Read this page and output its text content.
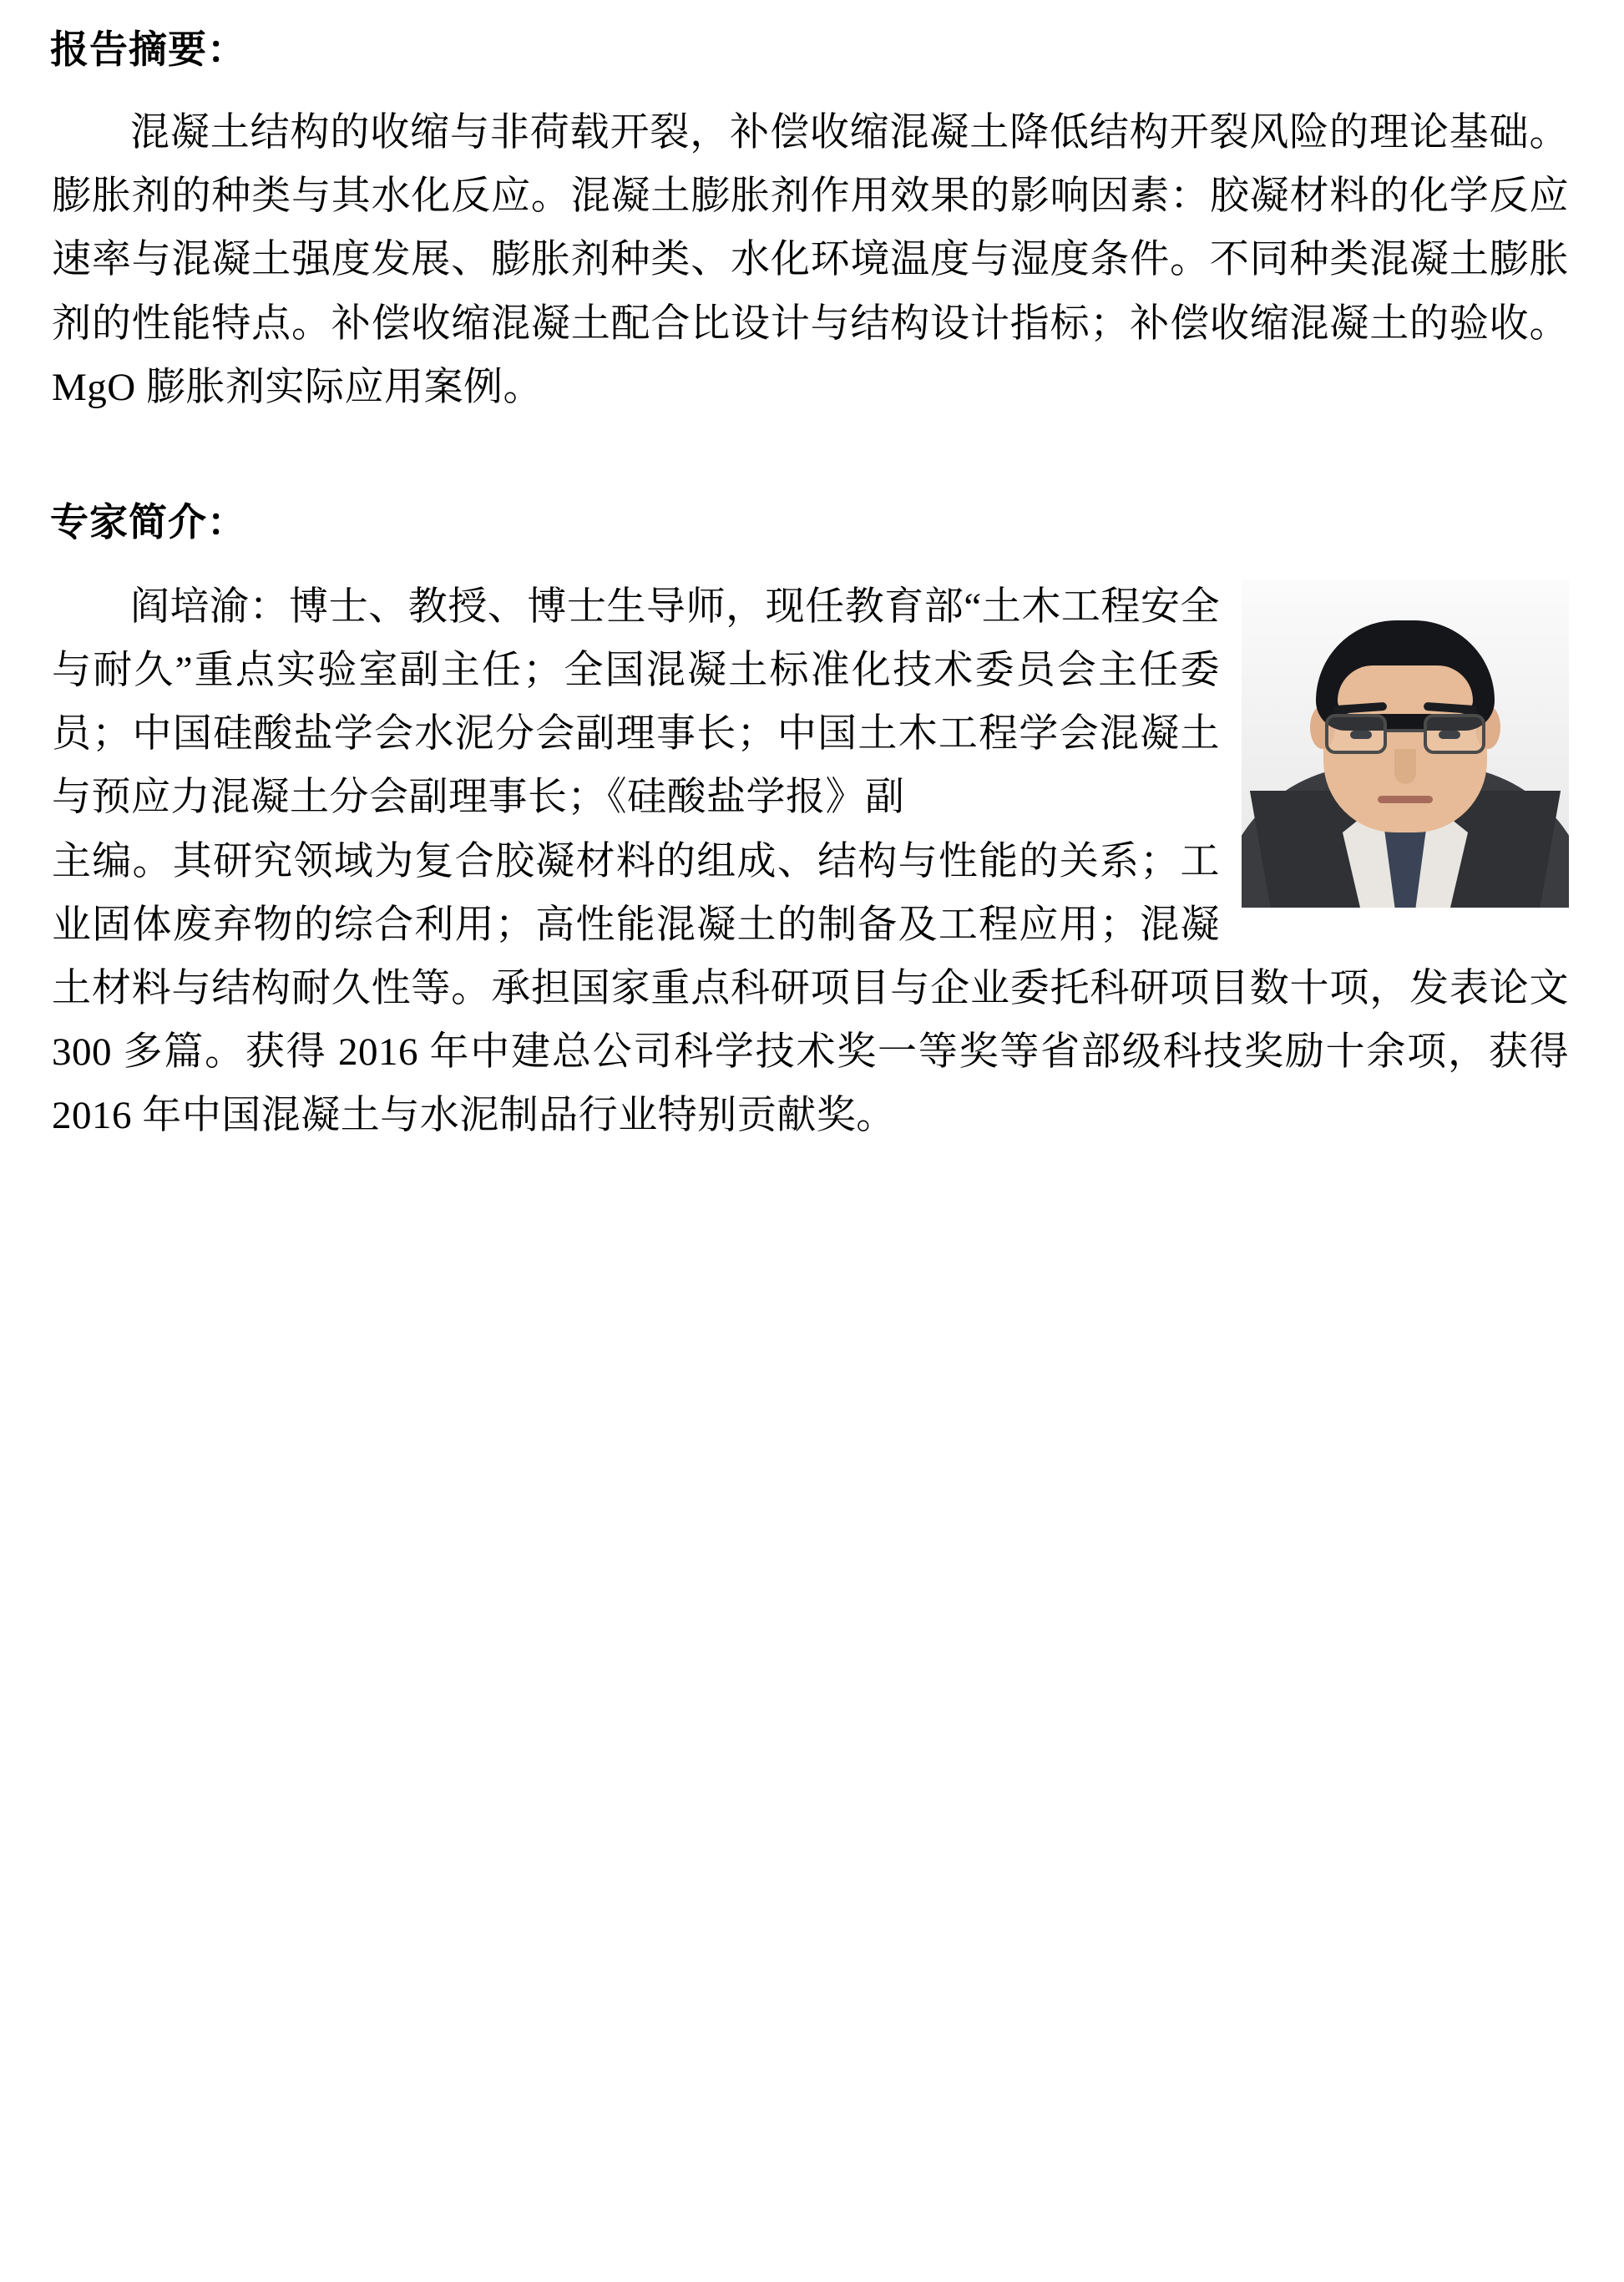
报告摘要：

混凝土结构的收缩与非荷载开裂，补偿收缩混凝土降低结构开裂风险的理论基础。膨胀剂的种类与其水化反应。混凝土膨胀剂作用效果的影响因素：胶凝材料的化学反应速率与混凝土强度发展、膨胀剂种类、水化环境温度与湿度条件。不同种类混凝土膨胀剂的性能特点。补偿收缩混凝土配合比设计与结构设计指标；补偿收缩混凝土的验收。MgO 膨胀剂实际应用案例。

专家简介：

阎培渝：博士、教授、博士生导师，现任教育部“土木工程安全与耐久”重点实验室副主任；全国混凝土标准化技术委员会主任委员；中国硅酸盐学会水泥分会副理事长；中国土木工程学会混凝土与预应力混凝土分会副理事长；《硅酸盐学报》副

主编。其研究领域为复合胶凝材料的组成、结构与性能的关系；工业固体废弃物的综合利用；高性能混凝土的制备及工程应用；混凝土材料与结构耐久性等。承担国家重点科研项目与企业委托科研项目数十项，发表论文 300 多篇。获得 2016 年中建总公司科学技术奖一等奖等省部级科技奖励十余项，获得 2016 年中国混凝土与水泥制品行业特别贡献奖。
